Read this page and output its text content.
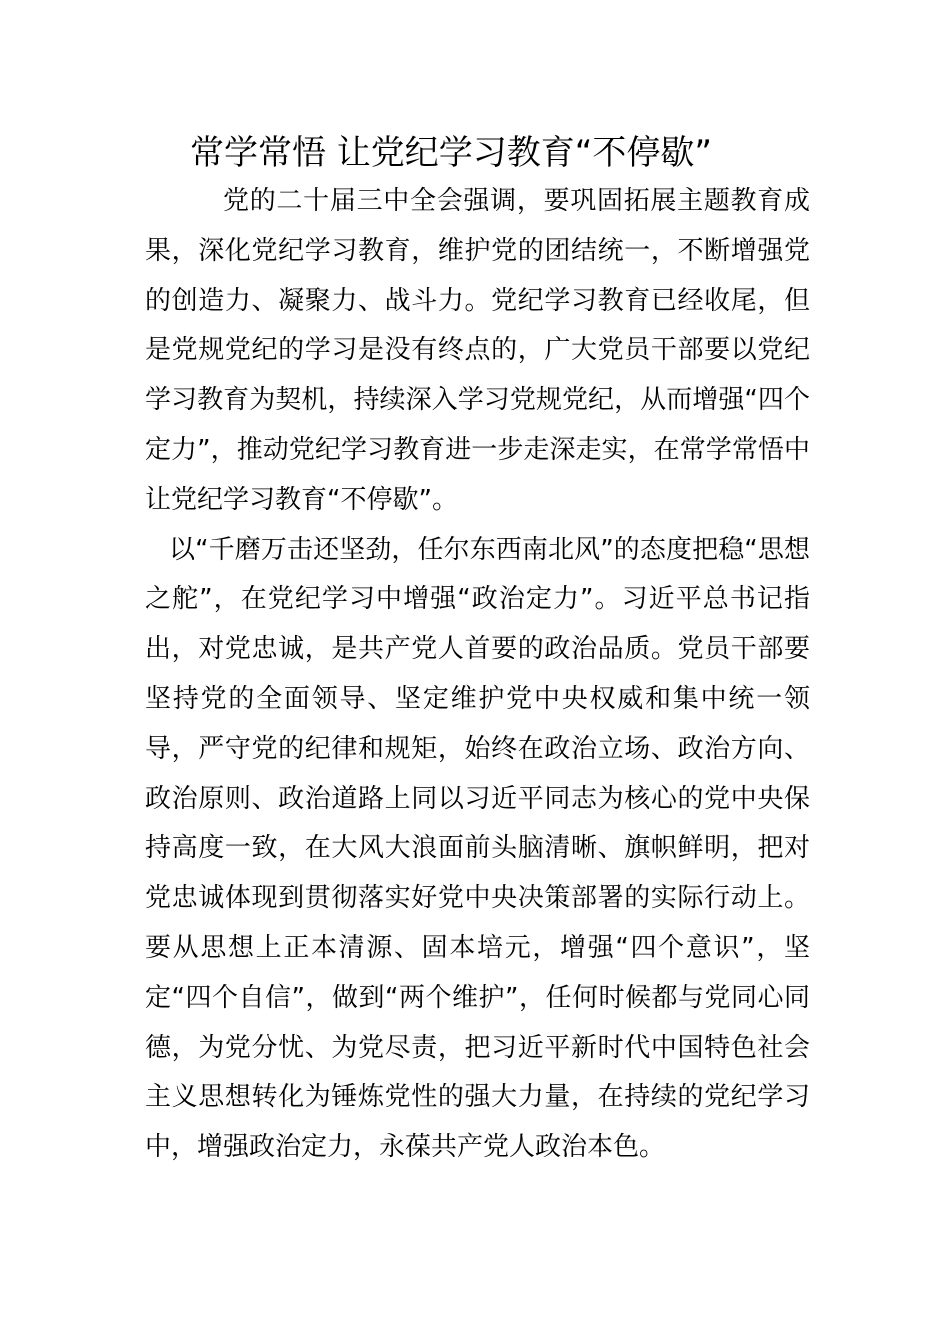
常学常悟 让党纪学习教育“不停歇”

党的二十届三中全会强调，要巩固拓展主题教育成果，深化党纪学习教育，维护党的团结统一，不断增强党的创造力、凝聚力、战斗力。党纪学习教育已经收尾，但是党规党纪的学习是没有终点的，广大党员干部要以党纪学习教育为契机，持续深入学习党规党纪，从而增强“四个定力”，推动党纪学习教育进一步走深走实，在常学常悟中让党纪学习教育“不停歇”。

以“千磨万击还坚劲，任尔东西南北风”的态度把稳“思想之舵”，在党纪学习中增强“政治定力”。习近平总书记指出，对党忠诚，是共产党人首要的政治品质。党员干部要坚持党的全面领导、坚定维护党中央权威和集中统一领导，严守党的纪律和规矩，始终在政治立场、政治方向、政治原则、政治道路上同以习近平同志为核心的党中央保持高度一致，在大风大浪面前头脑清晰、旗帜鲜明，把对党忠诚体现到贯彻落实好党中央决策部署的实际行动上。要从思想上正本清源、固本培元，增强“四个意识”，坚定“四个自信”，做到“两个维护”，任何时候都与党同心同德，为党分忧、为党尽责，把习近平新时代中国特色社会主义思想转化为锤炼党性的强大力量，在持续的党纪学习中，增强政治定力，永葆共产党人政治本色。
